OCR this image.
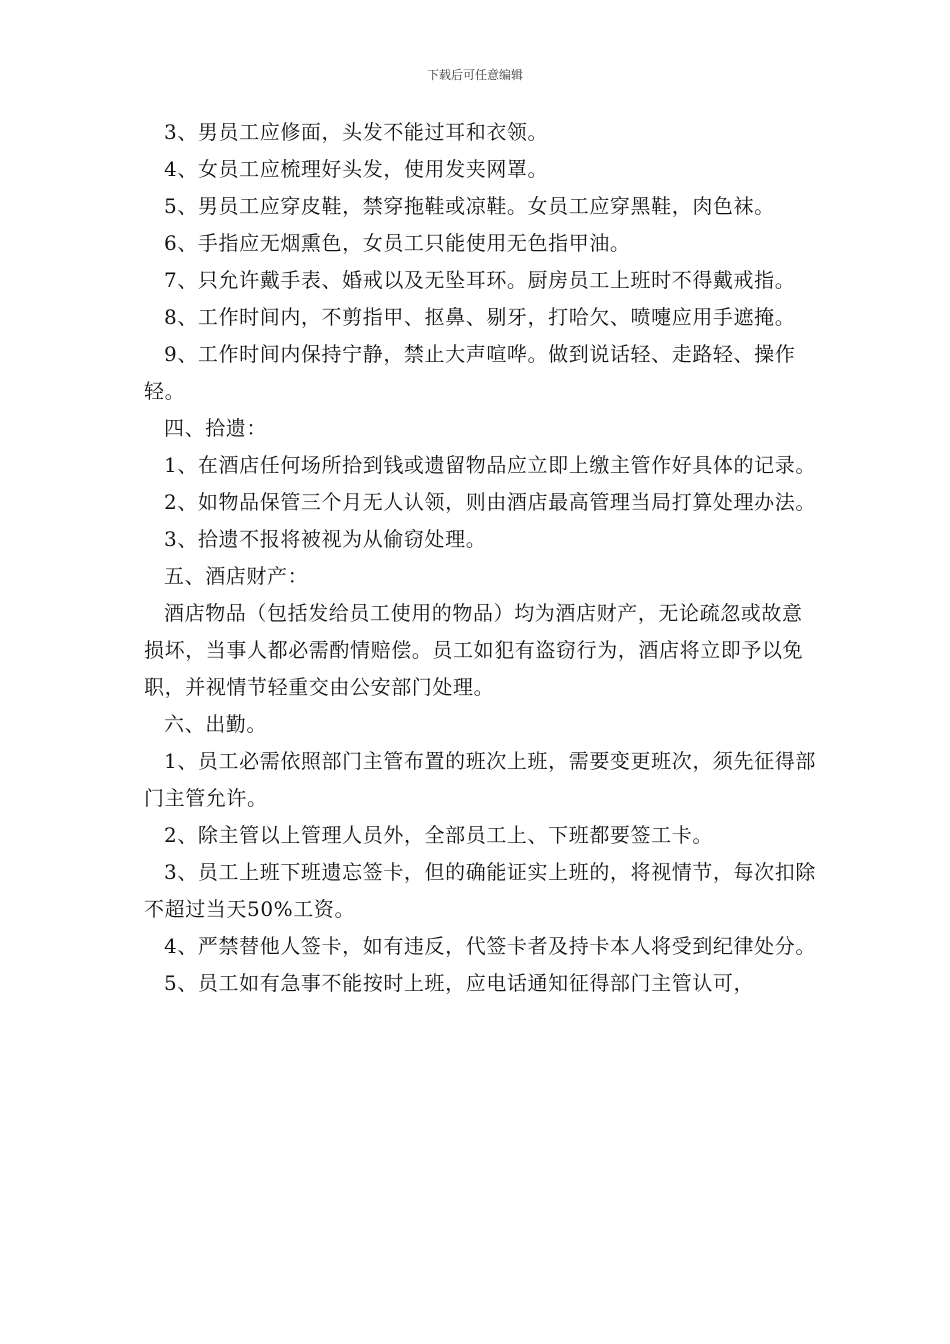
下载后可任意编辑

3、男员工应修面，头发不能过耳和衣领。

4、女员工应梳理好头发，使用发夹网罩。

5、男员工应穿皮鞋，禁穿拖鞋或凉鞋。女员工应穿黑鞋，肉色袜。

6、手指应无烟熏色，女员工只能使用无色指甲油。

7、只允许戴手表、婚戒以及无坠耳环。厨房员工上班时不得戴戒指。

8、工作时间内，不剪指甲、抠鼻、剔牙，打哈欠、喷嚏应用手遮掩。

9、工作时间内保持宁静，禁止大声喧哗。做到说话轻、走路轻、操作轻。

四、拾遗：

1、在酒店任何场所拾到钱或遗留物品应立即上缴主管作好具体的记录。

2、如物品保管三个月无人认领，则由酒店最高管理当局打算处理办法。

3、拾遗不报将被视为从偷窃处理。

五、酒店财产：

酒店物品（包括发给员工使用的物品）均为酒店财产，无论疏忽或故意损坏，当事人都必需酌情赔偿。员工如犯有盗窃行为，酒店将立即予以免职，并视情节轻重交由公安部门处理。

六、出勤。

1、员工必需依照部门主管布置的班次上班，需要变更班次，须先征得部门主管允许。

2、除主管以上管理人员外，全部员工上、下班都要签工卡。

3、员工上班下班遗忘签卡，但的确能证实上班的，将视情节，每次扣除不超过当天50%工资。

4、严禁替他人签卡，如有违反，代签卡者及持卡本人将受到纪律处分。

5、员工如有急事不能按时上班，应电话通知征得部门主管认可，
